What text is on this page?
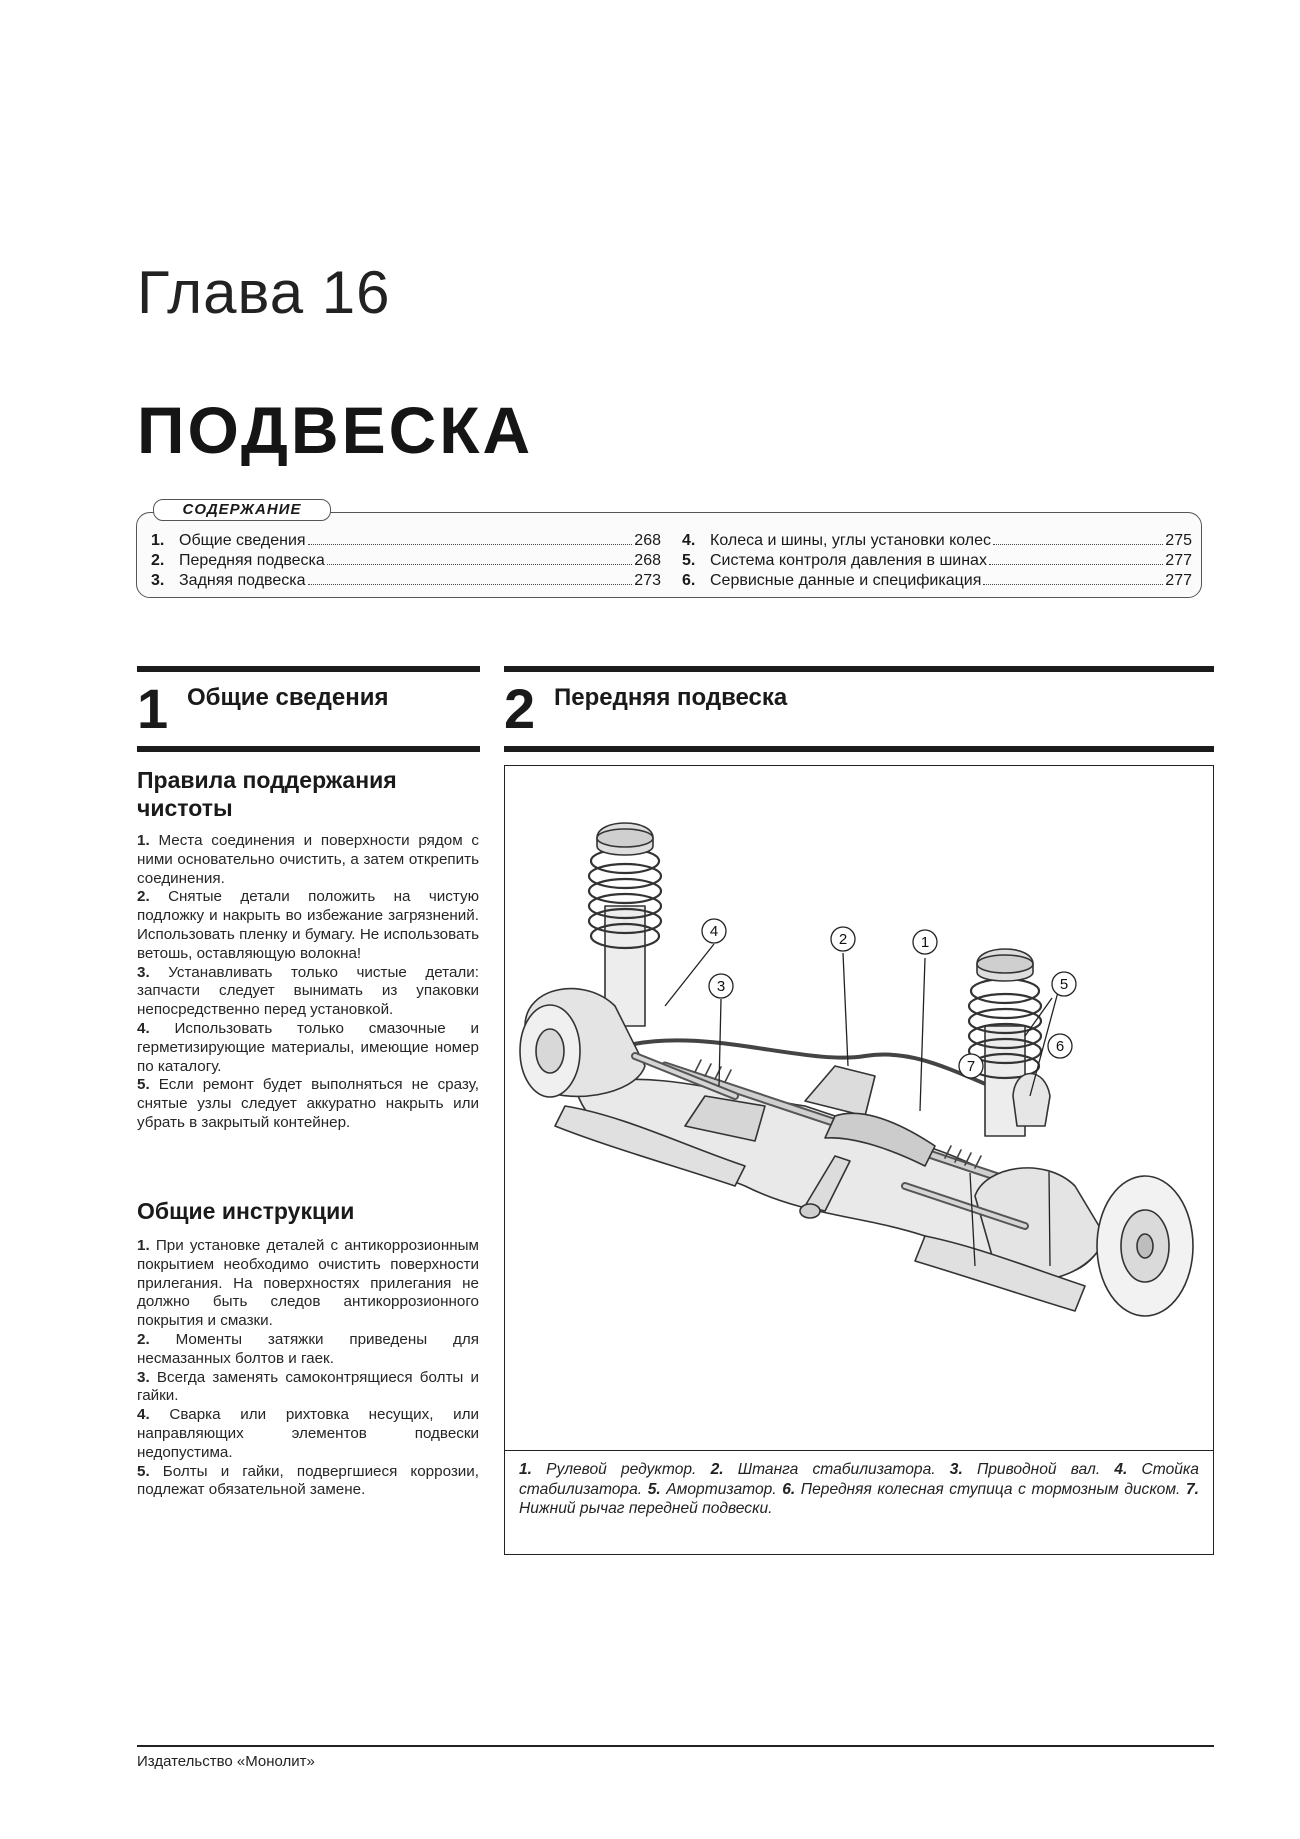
Глава 16
ПОДВЕСКА
СОДЕРЖАНИЕ
1. Общие сведения	268
2. Передняя подвеска	268
3. Задняя подвеска	273
4. Колеса и шины, углы установки колес	275
5. Система контроля давления в шинах	277
6. Сервисные данные и спецификация	277
1 Общие сведения 2 Передняя подвеска
Правила поддержания чистоты

1. Места соединения и поверхности рядом с ними основательно очистить, а затем открепить соединения.

2. Снятые детали положить на чистую подложку и накрыть во избежание загрязнений. Использовать пленку и бумагу. Не использовать ветошь, оставляющую волокна!

3. Устанавливать только чистые детали: запчасти следует вынимать из упаковки непосредственно перед установкой.

4. Использовать только смазочные и герметизирующие материалы, имеющие номер по каталогу.

5. Если ремонт будет выполняться не сразу, снятые узлы следует аккуратно накрыть или убрать в закрытый контейнер.

Общие инструкции

1. При установке деталей с антикоррозионным покрытием необходимо очистить поверхности прилегания. На поверхностях прилегания не должно быть следов антикоррозионного покрытия и смазки.

2. Моменты затяжки приведены для несмазанных болтов и гаек.

3. Всегда заменять самоконтрящиеся болты и гайки.

4. Сварка или рихтовка несущих, или направляющих элементов подвески недопустима.

5. Болты и гайки, подвергшиеся коррозии, подлежат обязательной замене.

1
2
3
4
5
6
7
1. Рулевой редуктор. 2. Штанга стабилизатора. 3. Приводной вал. 4. Стойка стабилизатора. 5. Амортизатор. 6. Передняя колесная ступица с тормозным диском. 7. Нижний рычаг передней подвески.
Издательство «Монолит»
